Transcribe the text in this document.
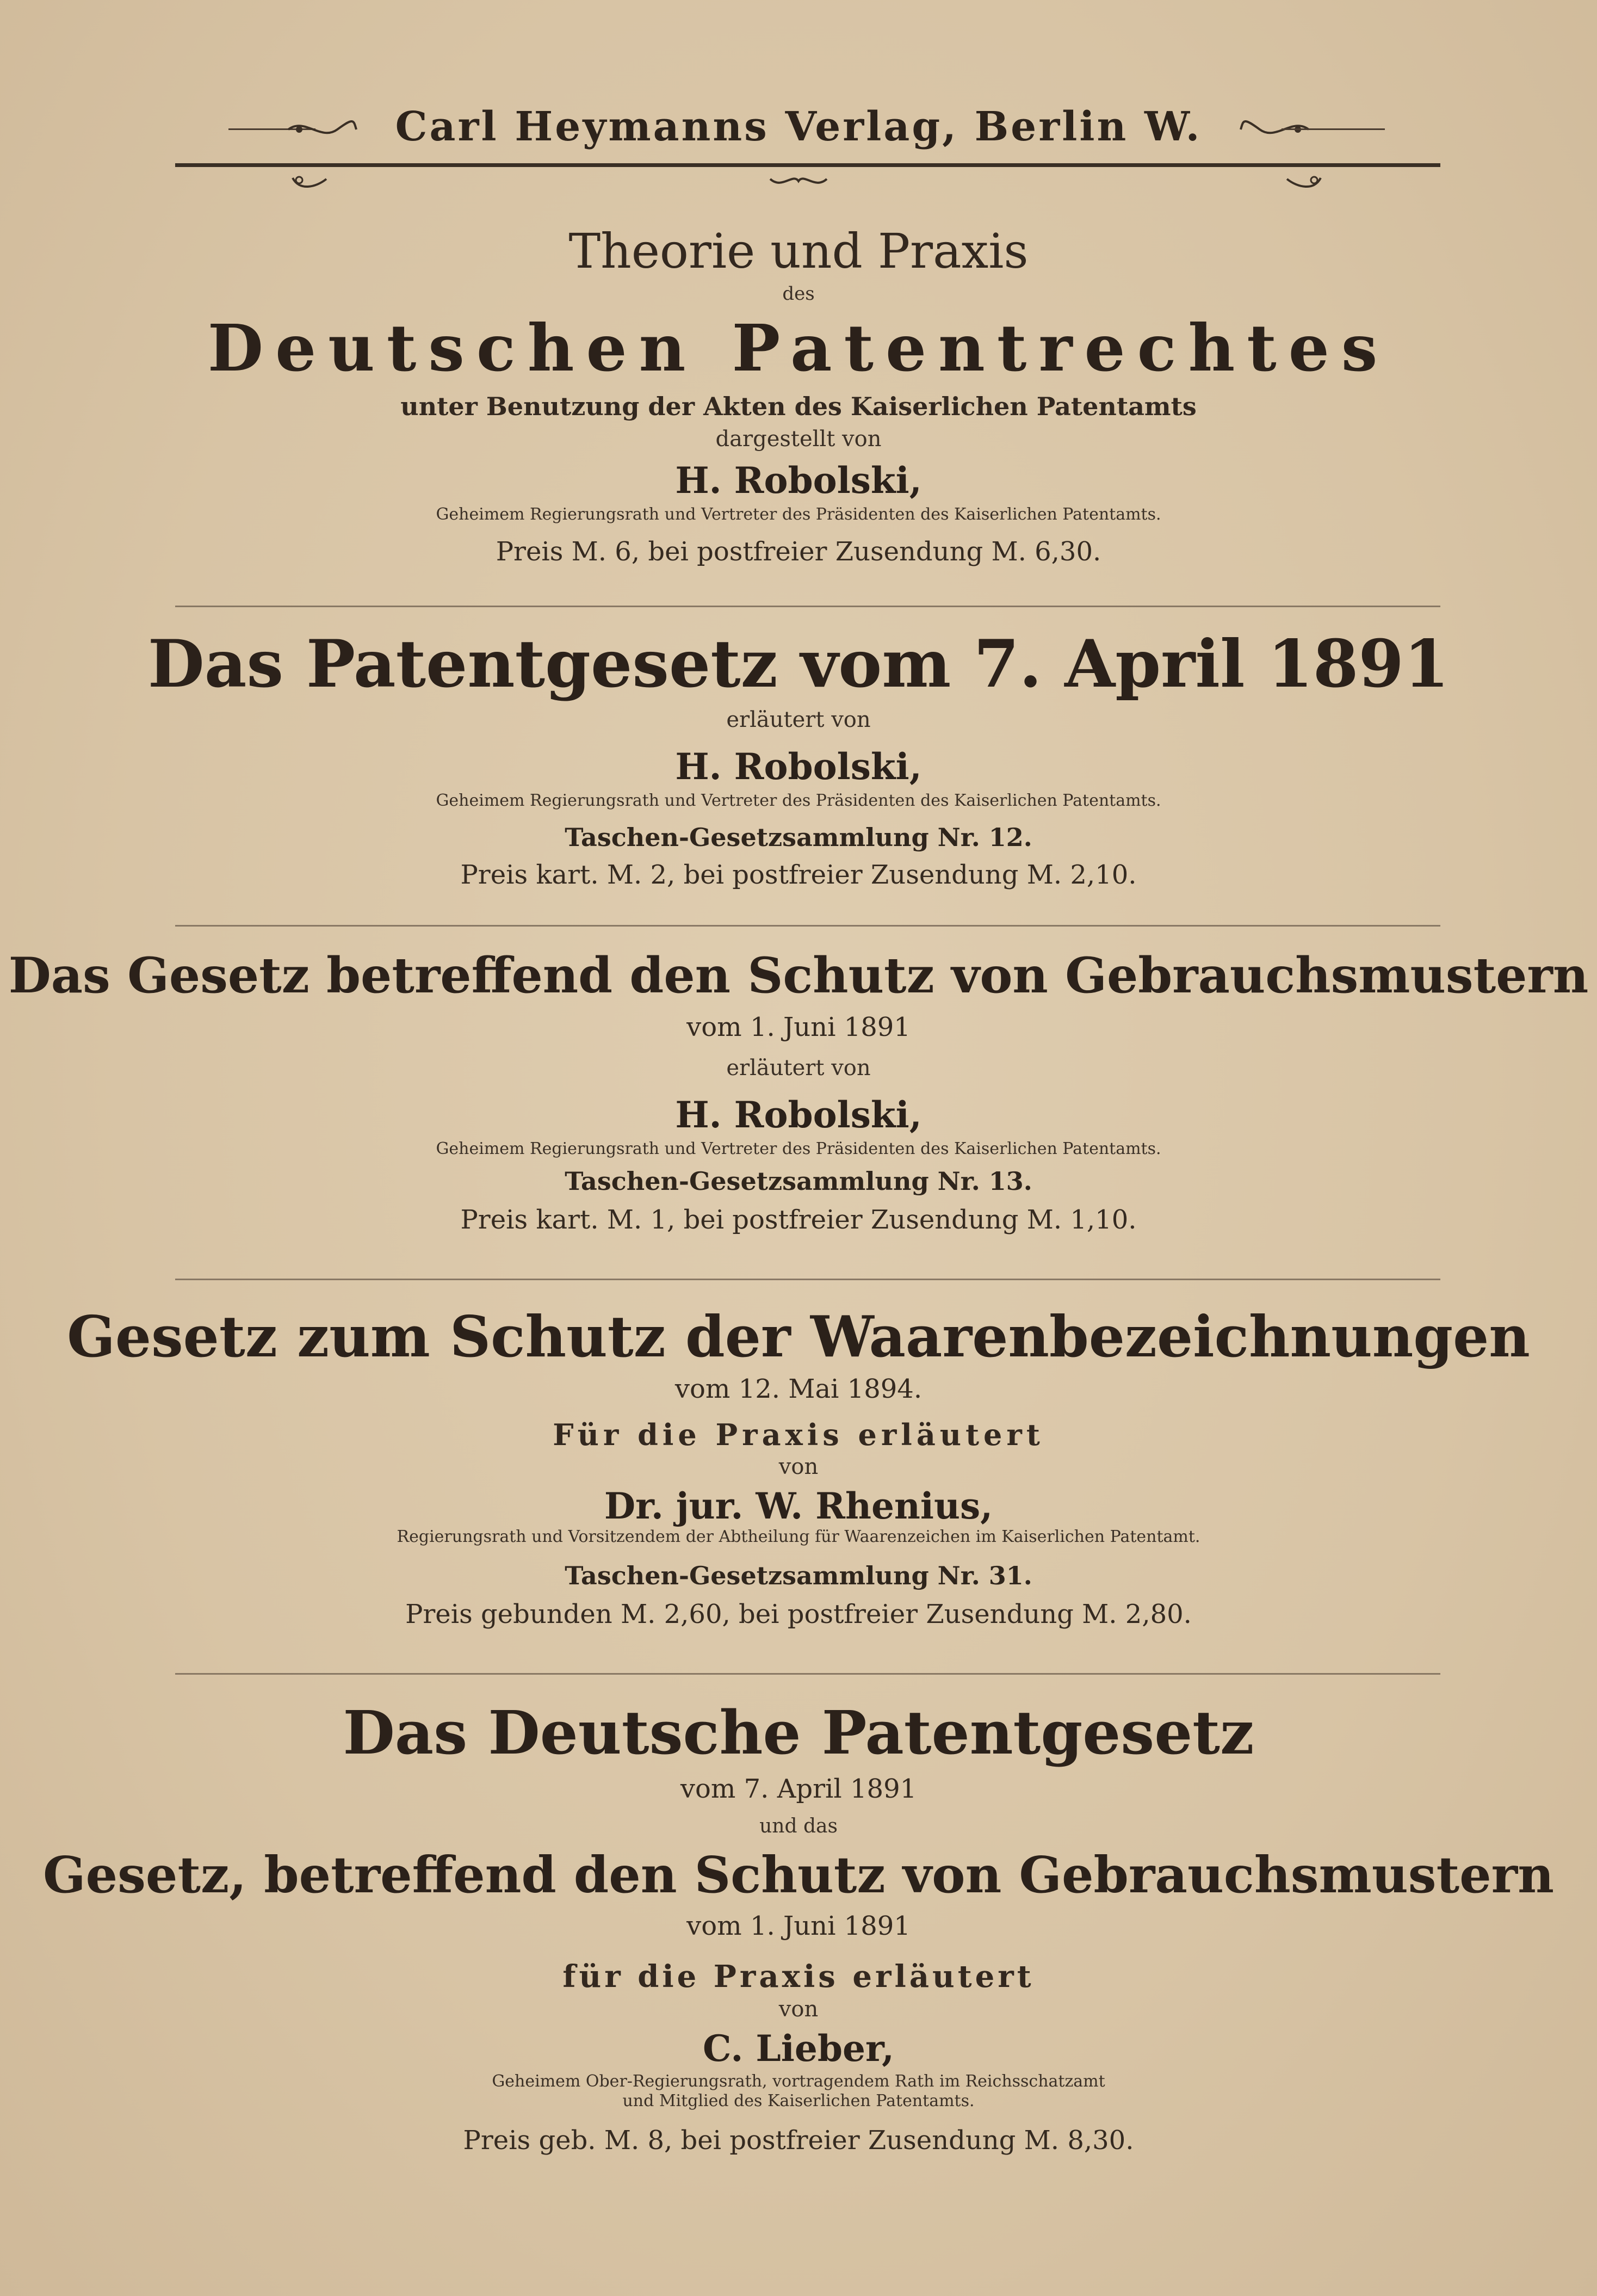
Carl Heymanns Verlag, Berlin W.
Theorie und Praxis
des
Deutschen Patentrechtes
unter Benutzung der Akten des Kaiserlichen Patentamts
dargestellt von
H. Robolski,
Geheimem Regierungsrath und Vertreter des Präsidenten des Kaiserlichen Patentamts.
Preis M. 6, bei postfreier Zusendung M. 6,30.
Das Patentgesetz vom 7. April 1891
erläutert von
H. Robolski,
Geheimem Regierungsrath und Vertreter des Präsidenten des Kaiserlichen Patentamts.
Taschen-Gesetzsammlung Nr. 12.
Preis kart. M. 2, bei postfreier Zusendung M. 2,10.
Das Gesetz betreffend den Schutz von Gebrauchsmustern
vom 1. Juni 1891
erläutert von
H. Robolski,
Geheimem Regierungsrath und Vertreter des Präsidenten des Kaiserlichen Patentamts.
Taschen-Gesetzsammlung Nr. 13.
Preis kart. M. 1, bei postfreier Zusendung M. 1,10.
Gesetz zum Schutz der Waarenbezeichnungen
vom 12. Mai 1894.
Für die Praxis erläutert
von
Dr. jur. W. Rhenius,
Regierungsrath und Vorsitzendem der Abtheilung für Waarenzeichen im Kaiserlichen Patentamt.
Taschen-Gesetzsammlung Nr. 31.
Preis gebunden M. 2,60, bei postfreier Zusendung M. 2,80.
Das Deutsche Patentgesetz
vom 7. April 1891
und das
Gesetz, betreffend den Schutz von Gebrauchsmustern
vom 1. Juni 1891
für die Praxis erläutert
von
C. Lieber,
Geheimem Ober-Regierungsrath, vortragendem Rath im Reichsschatzamt
und Mitglied des Kaiserlichen Patentamts.
Preis geb. M. 8, bei postfreier Zusendung M. 8,30.
